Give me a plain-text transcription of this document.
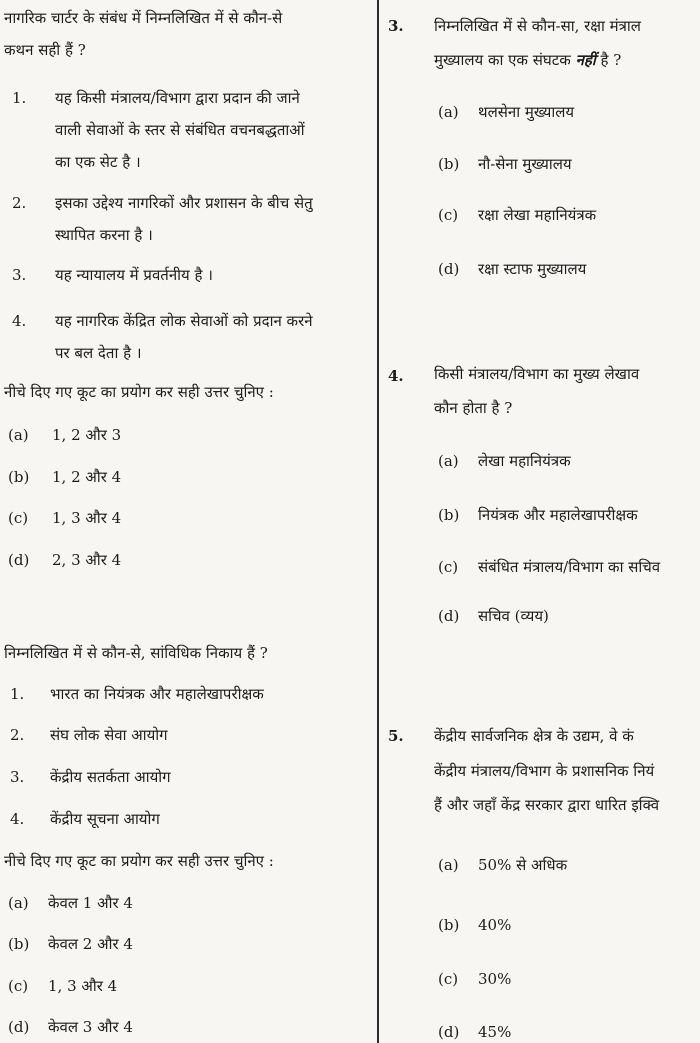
नागरिक चार्टर के संबंध में निम्नलिखित में से कौन-से
कथन सही हैं ?
1. यह किसी मंत्रालय/विभाग द्वारा प्रदान की जाने
वाली सेवाओं के स्तर से संबंधित वचनबद्धताओं
का एक सेट है ।
2. इसका उद्देश्य नागरिकों और प्रशासन के बीच सेतु
स्थापित करना है ।
3. यह न्यायालय में प्रवर्तनीय है ।
4. यह नागरिक केंद्रित लोक सेवाओं को प्रदान करने
पर बल देता है ।
नीचे दिए गए कूट का प्रयोग कर सही उत्तर चुनिए :
(a) 1, 2 और 3
(b) 1, 2 और 4
(c) 1, 3 और 4
(d) 2, 3 और 4
निम्नलिखित में से कौन-से, सांविधिक निकाय हैं ?
1. भारत का नियंत्रक और महालेखापरीक्षक
2. संघ लोक सेवा आयोग
3. केंद्रीय सतर्कता आयोग
4. केंद्रीय सूचना आयोग
नीचे दिए गए कूट का प्रयोग कर सही उत्तर चुनिए :
(a) केवल 1 और 4
(b) केवल 2 और 4
(c) 1, 3 और 4
(d) केवल 3 और 4
3. निम्नलिखित में से कौन-सा, रक्षा मंत्राल
मुख्यालय का एक संघटक नहीं है ?
(a) थलसेना मुख्यालय
(b) नौ-सेना मुख्यालय
(c) रक्षा लेखा महानियंत्रक
(d) रक्षा स्टाफ मुख्यालय
4. किसी मंत्रालय/विभाग का मुख्य लेखाव
कौन होता है ?
(a) लेखा महानियंत्रक
(b) नियंत्रक और महालेखापरीक्षक
(c) संबंधित मंत्रालय/विभाग का सचिव
(d) सचिव (व्यय)
5. केंद्रीय सार्वजनिक क्षेत्र के उद्यम, वे कं
केंद्रीय मंत्रालय/विभाग के प्रशासनिक नियं
हैं और जहाँ केंद्र सरकार द्वारा धारित इक्वि
(a) 50% से अधिक
(b) 40%
(c) 30%
(d) 45%
